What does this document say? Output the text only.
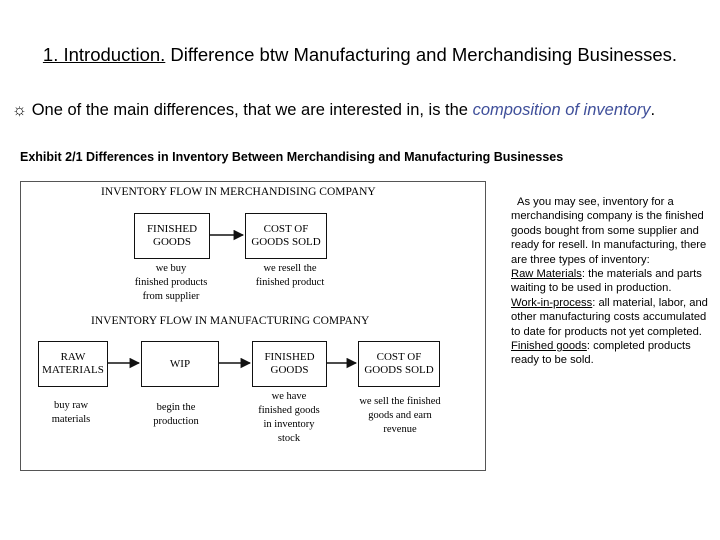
1. Introduction. Difference btw Manufacturing and Merchandising Businesses.
☼ One of the main differences, that we are interested in, is the composition of inventory.
Exhibit 2/1 Differences in Inventory Between Merchandising and Manufacturing Businesses
INVENTORY FLOW IN MERCHANDISING COMPANY
FINISHED
GOODS
COST OF
GOODS SOLD
we buy
finished products
from supplier
we resell the
finished product
INVENTORY FLOW IN MANUFACTURING COMPANY
RAW
MATERIALS
WIP
FINISHED
GOODS
COST OF
GOODS SOLD
buy raw
materials
begin the
production
we have
finished goods
in inventory
stock
we sell the finished
goods and earn
revenue

As you may see, inventory for a merchandising company is the finished goods bought from some supplier and ready for resell. In manufacturing, there are three types of inventory:

Raw Materials: the materials and parts waiting to be used in production.

Work-in-process: all material, labor, and other manufacturing costs accumulated to date for products not yet completed.

Finished goods: completed products ready to be sold.
